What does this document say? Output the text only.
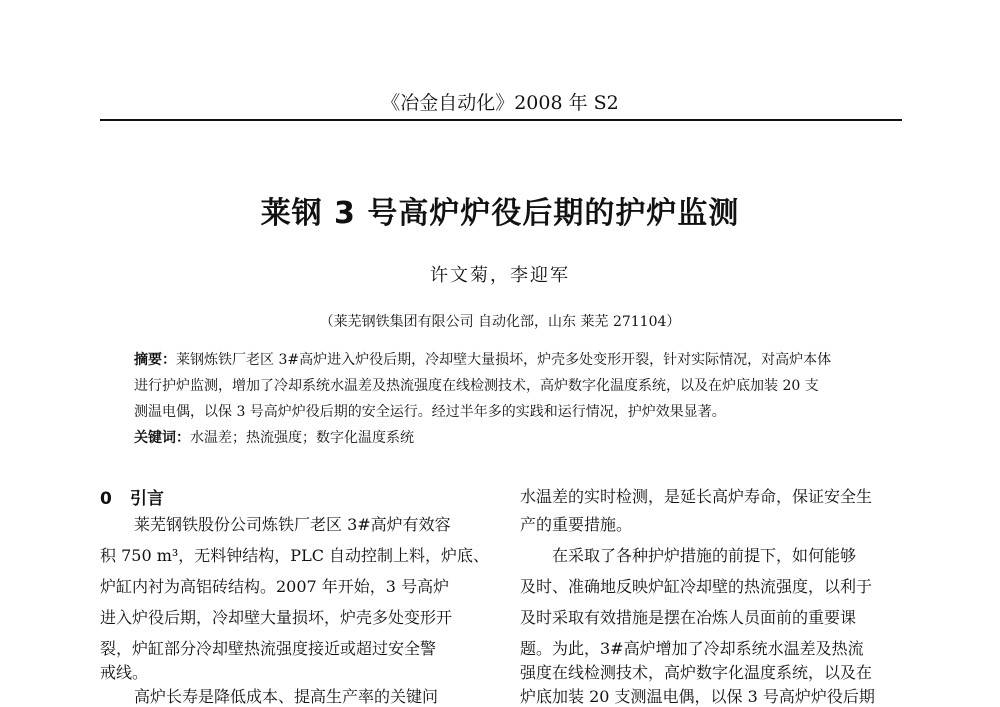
《冶金自动化》2008 年 S2
莱钢 3 号高炉炉役后期的护炉监测
许文菊，李迎军
（莱芜钢铁集团有限公司 自动化部，山东 莱芜 271104）
摘要：莱钢炼铁厂老区 3#高炉进入炉役后期，冷却壁大量损坏，炉壳多处变形开裂，针对实际情况，对高炉本体
进行护炉监测，增加了冷却系统水温差及热流强度在线检测技术，高炉数字化温度系统，以及在炉底加装 20 支
测温电偶，以保 3 号高炉炉役后期的安全运行。经过半年多的实践和运行情况，护炉效果显著。
关键词：水温差；热流强度；数字化温度系统
0 引言
莱芜钢铁股份公司炼铁厂老区 3#高炉有效容
积 750 m³，无料钟结构，PLC 自动控制上料，炉底、
炉缸内衬为高铝砖结构。2007 年开始，3 号高炉
进入炉役后期，冷却壁大量损坏，炉壳多处变形开
裂，炉缸部分冷却壁热流强度接近或超过安全警
戒线。
高炉长寿是降低成本、提高生产率的关键问
水温差的实时检测，是延长高炉寿命，保证安全生
产的重要措施。
在采取了各种护炉措施的前提下，如何能够
及时、准确地反映炉缸冷却壁的热流强度，以利于
及时采取有效措施是摆在冶炼人员面前的重要课
题。为此，3#高炉增加了冷却系统水温差及热流
强度在线检测技术，高炉数字化温度系统，以及在
炉底加装 20 支测温电偶，以保 3 号高炉炉役后期
